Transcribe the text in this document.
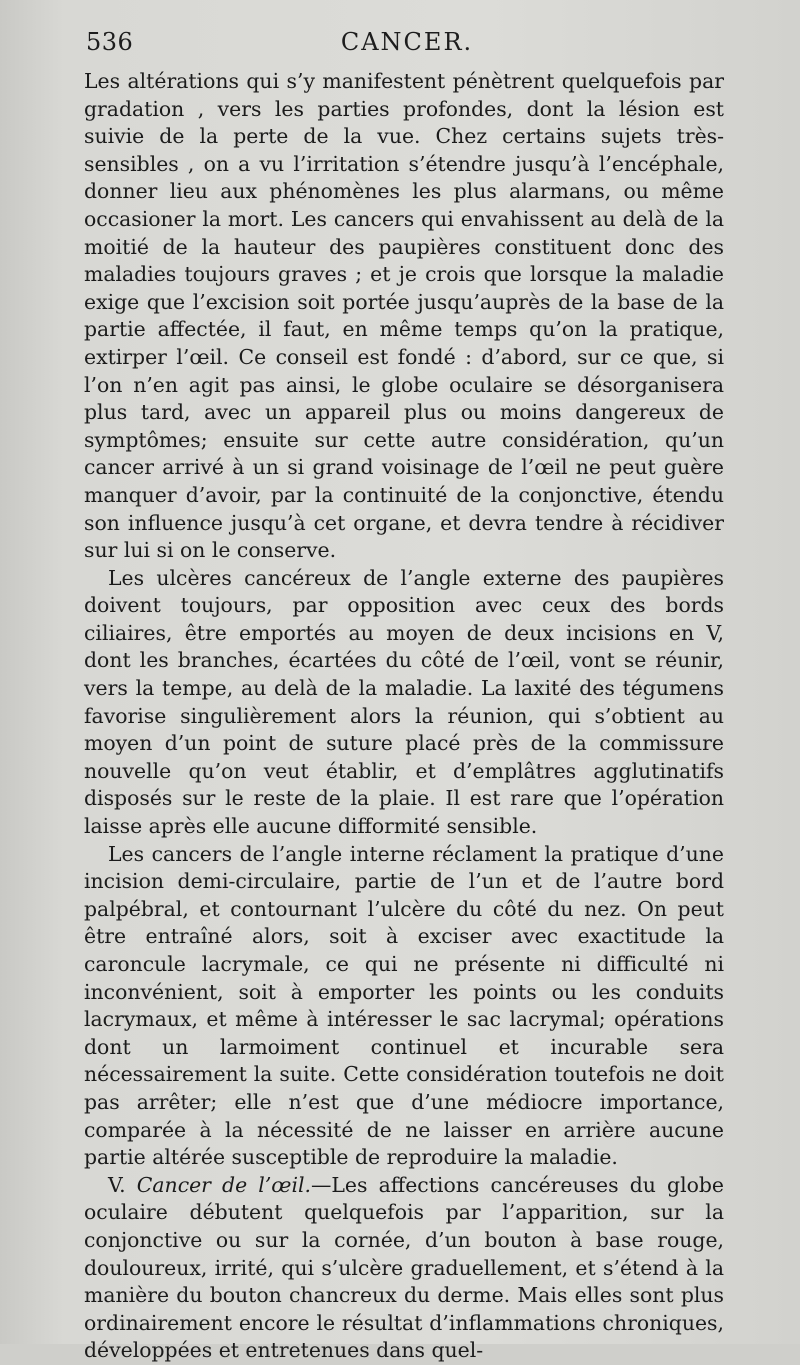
536	CANCER.

Les altérations qui s’y manifestent pénètrent quelquefois par gradation , vers les parties profondes, dont la lésion est suivie de la perte de la vue. Chez certains sujets très-sensibles , on a vu l’irritation s’étendre jusqu’à l’encéphale, donner lieu aux phénomènes les plus alarmans, ou même occasioner la mort. Les cancers qui envahissent au delà de la moitié de la hauteur des paupières constituent donc des maladies toujours graves ; et je crois que lorsque la maladie exige que l’excision soit portée jusqu’auprès de la base de la partie affectée, il faut, en même temps qu’on la pratique, extirper l’œil. Ce conseil est fondé : d’abord, sur ce que, si l’on n’en agit pas ainsi, le globe oculaire se désorganisera plus tard, avec un appareil plus ou moins dangereux de symptômes; ensuite sur cette autre considération, qu’un cancer arrivé à un si grand voisinage de l’œil ne peut guère manquer d’avoir, par la continuité de la conjonctive, étendu son influence jusqu’à cet organe, et devra tendre à récidiver sur lui si on le conserve.

Les ulcères cancéreux de l’angle externe des paupières doivent toujours, par opposition avec ceux des bords ciliaires, être emportés au moyen de deux incisions en V, dont les branches, écartées du côté de l’œil, vont se réunir, vers la tempe, au delà de la maladie. La laxité des tégumens favorise singulièrement alors la réunion, qui s’obtient au moyen d’un point de suture placé près de la commissure nouvelle qu’on veut établir, et d’emplâtres agglutinatifs disposés sur le reste de la plaie. Il est rare que l’opération laisse après elle aucune difformité sensible.

Les cancers de l’angle interne réclament la pratique d’une incision demi-circulaire, partie de l’un et de l’autre bord palpébral, et contournant l’ulcère du côté du nez. On peut être entraîné alors, soit à exciser avec exactitude la caroncule lacrymale, ce qui ne présente ni difficulté ni inconvénient, soit à emporter les points ou les conduits lacrymaux, et même à intéresser le sac lacrymal; opérations dont un larmoiment continuel et incurable sera nécessairement la suite. Cette considération toutefois ne doit pas arrêter; elle n’est que d’une médiocre importance, comparée à la nécessité de ne laisser en arrière aucune partie altérée susceptible de reproduire la maladie.

V. Cancer de l’œil.—Les affections cancéreuses du globe oculaire débutent quelquefois par l’apparition, sur la conjonctive ou sur la cornée, d’un bouton à base rouge, douloureux, irrité, qui s’ulcère graduellement, et s’étend à la manière du bouton chancreux du derme. Mais elles sont plus ordinairement encore le résultat d’inflammations chroniques, développées et entretenues dans quel-
